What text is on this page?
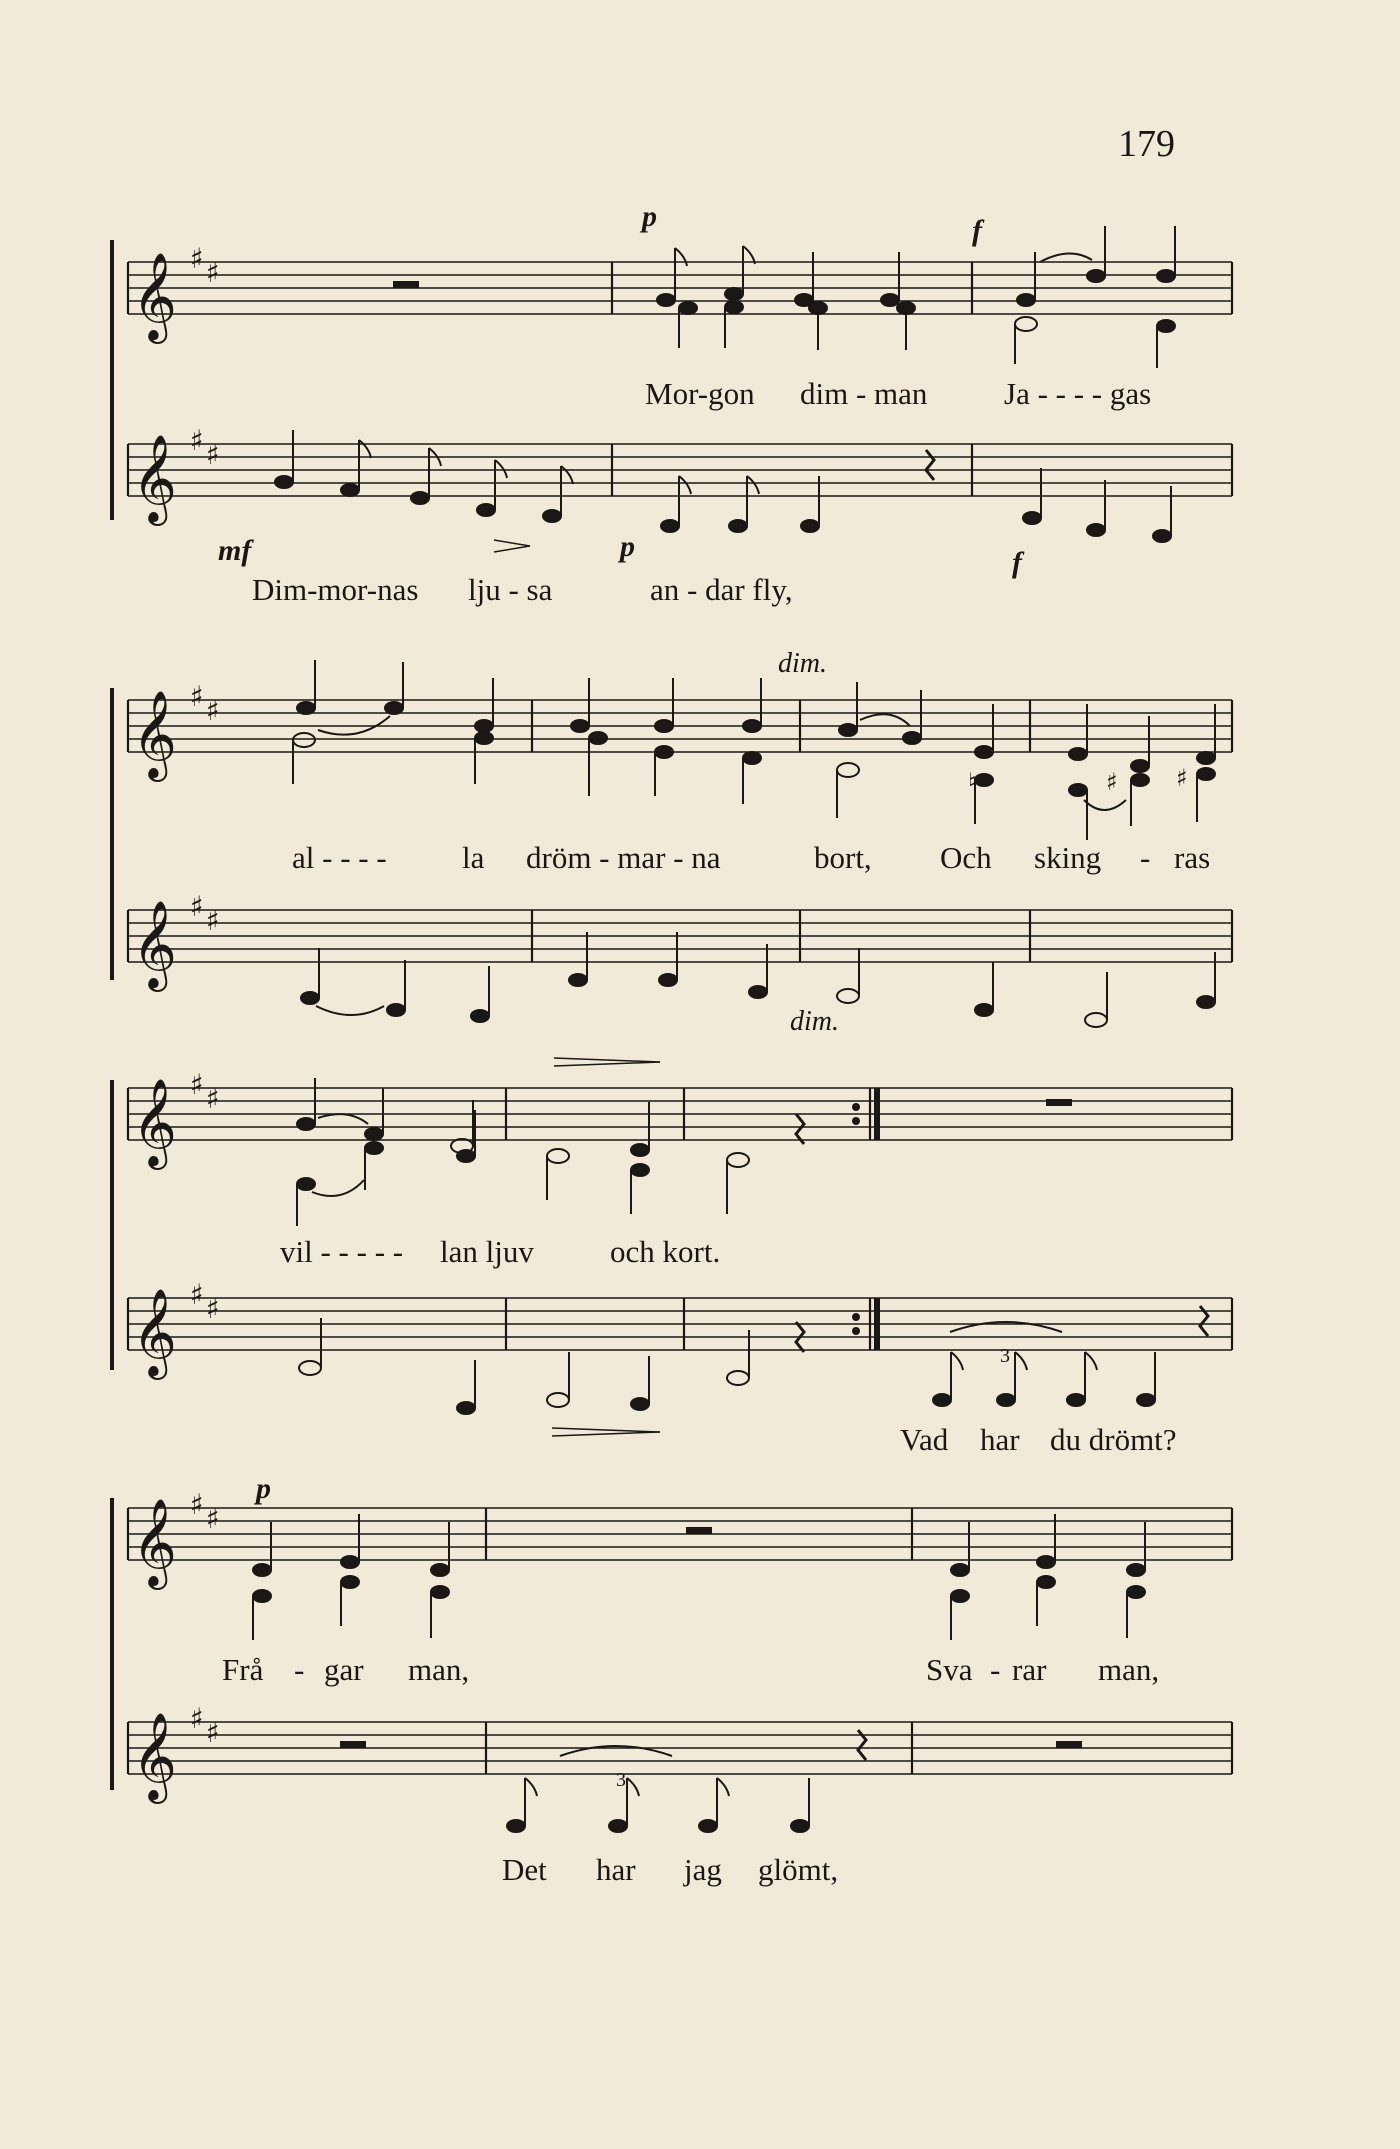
179
𝄞 ♯ ♯
p	f
Mor-gon dim - man Ja - - - - gas
𝄞 ♯ ♯
mf	p	f
Dim-mor-nas lju - sa	an - dar fly,
𝄞 ♯ ♯
♮	♯ ♯
dim.
al - - - - la dröm - mar - na	bort, Och sking - ras
𝄞 ♯ ♯
dim.
𝄞 ♯ ♯
vil - - - - - lan ljuv och kort.
𝄞 ♯ ♯
3
Vad har du drömt?
𝄞 ♯ ♯
p
Frå - gar man,	Sva - rar man,
𝄞 ♯ ♯
3
Det har jag glömt,
